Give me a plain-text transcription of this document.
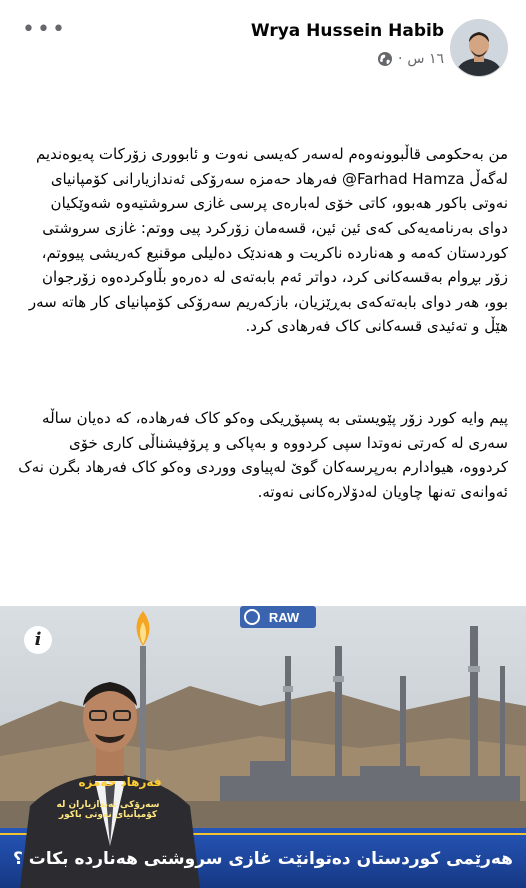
•••	Wrya Hussein Habib
١٦ س
·

من بەحکومی قاڵبوونەوەم لەسەر کەیسی نەوت و ئابووری زۆرکات پەیوەندیم لەگەڵ Farhad Hamza@ فەرهاد حەمزە سەرۆکی ئەندازیارانی کۆمپانیای نەوتی باکور هەبوو، کاتی خۆی لەبارەی پرسی غازی سروشتیەوە شەوێکیان دوای بەرنامەیەکی کەی ئین ئین، قسەمان زۆرکرد پیی ووتم: غازی سروشتی کوردستان کەمە و هەناردە ناکریت و هەندێک دەلیلی موقنیع کەریشی پیووتم، زۆر بڕوام بەقسەکانی کرد، دواتر ئەم بابەتەی لە دەرەو بڵاوکردەوە زۆرجوان بوو، هەر دوای بابەتەکەی بەڕێزیان، بازکەریم سەرۆکی کۆمپانیای کار هاتە سەر هێڵ و تەئیدی قسەکانی کاک فەرهادی کرد.

پیم وایە کورد زۆر پێویستی بە پسپۆڕیکی وەکو کاک فەرهادە، کە دەیان ساڵە سەری لە کەرتی نەوتدا سپی کردووە و بەپاکی و پرۆفیشناڵی کاری خۆی کردووە، هیوادارم بەرپرسەکان گوێ لەپیاوی ووردی وەکو کاک فەرهاد بگرن نەک ئەوانەی تەنها چاویان لەدۆلارەکانی نەوتە.

i
RAW
فەرهاد حەمزە
سەرۆکی ئەندازیاران لە کۆمپانیای نەوتی باکور
هەرێمی کوردستان دەتوانێت غازی سروشتی هەناردە بکات ؟
